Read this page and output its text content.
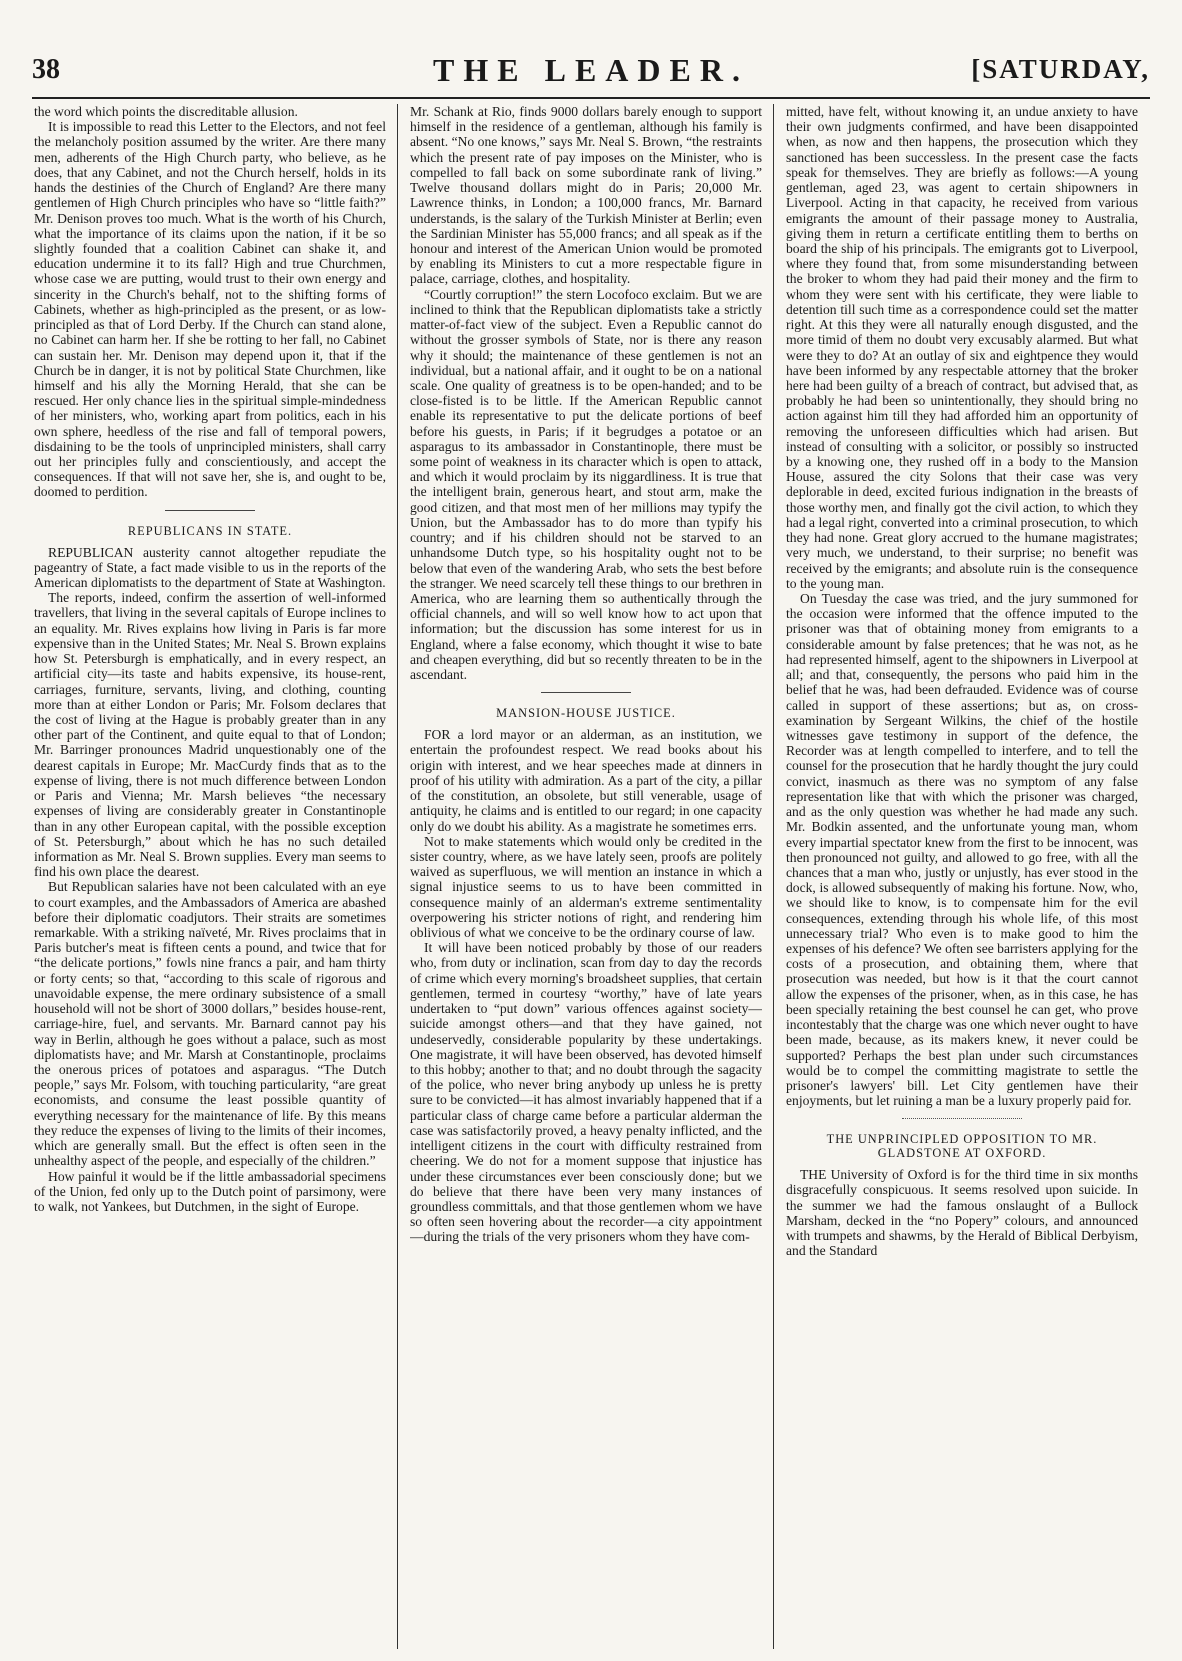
38	THE LEADER.	[SATURDAY,

the word which points the discreditable allusion.

It is impossible to read this Letter to the Electors, and not feel the melancholy position assumed by the writer. Are there many men, adherents of the High Church party, who believe, as he does, that any Cabinet, and not the Church herself, holds in its hands the destinies of the Church of England? Are there many gentlemen of High Church principles who have so “little faith?” Mr. Denison proves too much. What is the worth of his Church, what the importance of its claims upon the nation, if it be so slightly founded that a coalition Cabinet can shake it, and education undermine it to its fall? High and true Churchmen, whose case we are putting, would trust to their own energy and sincerity in the Church's behalf, not to the shifting forms of Cabinets, whether as high-principled as the present, or as low-principled as that of Lord Derby. If the Church can stand alone, no Cabinet can harm her. If she be rotting to her fall, no Cabinet can sustain her. Mr. Denison may depend upon it, that if the Church be in danger, it is not by political State Churchmen, like himself and his ally the Morning Herald, that she can be rescued. Her only chance lies in the spiritual simple-mindedness of her ministers, who, working apart from politics, each in his own sphere, heedless of the rise and fall of temporal powers, disdaining to be the tools of unprincipled ministers, shall carry out her principles fully and conscientiously, and accept the consequences. If that will not save her, she is, and ought to be, doomed to perdition.

REPUBLICANS IN STATE.

REPUBLICAN austerity cannot altogether repudiate the pageantry of State, a fact made visible to us in the reports of the American diplomatists to the department of State at Washington.

The reports, indeed, confirm the assertion of well-informed travellers, that living in the several capitals of Europe inclines to an equality. Mr. Rives explains how living in Paris is far more expensive than in the United States; Mr. Neal S. Brown explains how St. Petersburgh is emphatically, and in every respect, an artificial city—its taste and habits expensive, its house-rent, carriages, furniture, servants, living, and clothing, counting more than at either London or Paris; Mr. Folsom declares that the cost of living at the Hague is probably greater than in any other part of the Continent, and quite equal to that of London; Mr. Barringer pronounces Madrid unquestionably one of the dearest capitals in Europe; Mr. MacCurdy finds that as to the expense of living, there is not much difference between London or Paris and Vienna; Mr. Marsh believes “the necessary expenses of living are considerably greater in Constantinople than in any other European capital, with the possible exception of St. Petersburgh,” about which he has no such detailed information as Mr. Neal S. Brown supplies. Every man seems to find his own place the dearest.

But Republican salaries have not been calculated with an eye to court examples, and the Ambassadors of America are abashed before their diplomatic coadjutors. Their straits are sometimes remarkable. With a striking naïveté, Mr. Rives proclaims that in Paris butcher's meat is fifteen cents a pound, and twice that for “the delicate portions,” fowls nine francs a pair, and ham thirty or forty cents; so that, “according to this scale of rigorous and unavoidable expense, the mere ordinary subsistence of a small household will not be short of 3000 dollars,” besides house-rent, carriage-hire, fuel, and servants. Mr. Barnard cannot pay his way in Berlin, although he goes without a palace, such as most diplomatists have; and Mr. Marsh at Constantinople, proclaims the onerous prices of potatoes and asparagus. “The Dutch people,” says Mr. Folsom, with touching particularity, “are great economists, and consume the least possible quantity of everything necessary for the maintenance of life. By this means they reduce the expenses of living to the limits of their incomes, which are generally small. But the effect is often seen in the unhealthy aspect of the people, and especially of the children.”

How painful it would be if the little ambassadorial specimens of the Union, fed only up to the Dutch point of parsimony, were to walk, not Yankees, but Dutchmen, in the sight of Europe.

Mr. Schank at Rio, finds 9000 dollars barely enough to support himself in the residence of a gentleman, although his family is absent. “No one knows,” says Mr. Neal S. Brown, “the restraints which the present rate of pay imposes on the Minister, who is compelled to fall back on some subordinate rank of living.” Twelve thousand dollars might do in Paris; 20,000 Mr. Lawrence thinks, in London; a 100,000 francs, Mr. Barnard understands, is the salary of the Turkish Minister at Berlin; even the Sardinian Minister has 55,000 francs; and all speak as if the honour and interest of the American Union would be promoted by enabling its Ministers to cut a more respectable figure in palace, carriage, clothes, and hospitality.

“Courtly corruption!” the stern Locofoco exclaim. But we are inclined to think that the Republican diplomatists take a strictly matter-of-fact view of the subject. Even a Republic cannot do without the grosser symbols of State, nor is there any reason why it should; the maintenance of these gentlemen is not an individual, but a national affair, and it ought to be on a national scale. One quality of greatness is to be open-handed; and to be close-fisted is to be little. If the American Republic cannot enable its representative to put the delicate portions of beef before his guests, in Paris; if it begrudges a potatoe or an asparagus to its ambassador in Constantinople, there must be some point of weakness in its character which is open to attack, and which it would proclaim by its niggardliness. It is true that the intelligent brain, generous heart, and stout arm, make the good citizen, and that most men of her millions may typify the Union, but the Ambassador has to do more than typify his country; and if his children should not be starved to an unhandsome Dutch type, so his hospitality ought not to be below that even of the wandering Arab, who sets the best before the stranger. We need scarcely tell these things to our brethren in America, who are learning them so authentically through the official channels, and will so well know how to act upon that information; but the discussion has some interest for us in England, where a false economy, which thought it wise to bate and cheapen everything, did but so recently threaten to be in the ascendant.

MANSION-HOUSE JUSTICE.

FOR a lord mayor or an alderman, as an institution, we entertain the profoundest respect. We read books about his origin with interest, and we hear speeches made at dinners in proof of his utility with admiration. As a part of the city, a pillar of the constitution, an obsolete, but still venerable, usage of antiquity, he claims and is entitled to our regard; in one capacity only do we doubt his ability. As a magistrate he sometimes errs.

Not to make statements which would only be credited in the sister country, where, as we have lately seen, proofs are politely waived as superfluous, we will mention an instance in which a signal injustice seems to us to have been committed in consequence mainly of an alderman's extreme sentimentality overpowering his stricter notions of right, and rendering him oblivious of what we conceive to be the ordinary course of law.

It will have been noticed probably by those of our readers who, from duty or inclination, scan from day to day the records of crime which every morning's broadsheet supplies, that certain gentlemen, termed in courtesy “worthy,” have of late years undertaken to “put down” various offences against society—suicide amongst others—and that they have gained, not undeservedly, considerable popularity by these undertakings. One magistrate, it will have been observed, has devoted himself to this hobby; another to that; and no doubt through the sagacity of the police, who never bring anybody up unless he is pretty sure to be convicted—it has almost invariably happened that if a particular class of charge came before a particular alderman the case was satisfactorily proved, a heavy penalty inflicted, and the intelligent citizens in the court with difficulty restrained from cheering. We do not for a moment suppose that injustice has under these circumstances ever been consciously done; but we do believe that there have been very many instances of groundless committals, and that those gentlemen whom we have so often seen hovering about the recorder—a city appointment—during the trials of the very prisoners whom they have com-

mitted, have felt, without knowing it, an undue anxiety to have their own judgments confirmed, and have been disappointed when, as now and then happens, the prosecution which they sanctioned has been successless. In the present case the facts speak for themselves. They are briefly as follows:—A young gentleman, aged 23, was agent to certain shipowners in Liverpool. Acting in that capacity, he received from various emigrants the amount of their passage money to Australia, giving them in return a certificate entitling them to berths on board the ship of his principals. The emigrants got to Liverpool, where they found that, from some misunderstanding between the broker to whom they had paid their money and the firm to whom they were sent with his certificate, they were liable to detention till such time as a correspondence could set the matter right. At this they were all naturally enough disgusted, and the more timid of them no doubt very excusably alarmed. But what were they to do? At an outlay of six and eightpence they would have been informed by any respectable attorney that the broker here had been guilty of a breach of contract, but advised that, as probably he had been so unintentionally, they should bring no action against him till they had afforded him an opportunity of removing the unforeseen difficulties which had arisen. But instead of consulting with a solicitor, or possibly so instructed by a knowing one, they rushed off in a body to the Mansion House, assured the city Solons that their case was very deplorable in deed, excited furious indignation in the breasts of those worthy men, and finally got the civil action, to which they had a legal right, converted into a criminal prosecution, to which they had none. Great glory accrued to the humane magistrates; very much, we understand, to their surprise; no benefit was received by the emigrants; and absolute ruin is the consequence to the young man.

On Tuesday the case was tried, and the jury summoned for the occasion were informed that the offence imputed to the prisoner was that of obtaining money from emigrants to a considerable amount by false pretences; that he was not, as he had represented himself, agent to the shipowners in Liverpool at all; and that, consequently, the persons who paid him in the belief that he was, had been defrauded. Evidence was of course called in support of these assertions; but as, on cross-examination by Sergeant Wilkins, the chief of the hostile witnesses gave testimony in support of the defence, the Recorder was at length compelled to interfere, and to tell the counsel for the prosecution that he hardly thought the jury could convict, inasmuch as there was no symptom of any false representation like that with which the prisoner was charged, and as the only question was whether he had made any such. Mr. Bodkin assented, and the unfortunate young man, whom every impartial spectator knew from the first to be innocent, was then pronounced not guilty, and allowed to go free, with all the chances that a man who, justly or unjustly, has ever stood in the dock, is allowed subsequently of making his fortune. Now, who, we should like to know, is to compensate him for the evil consequences, extending through his whole life, of this most unnecessary trial? Who even is to make good to him the expenses of his defence? We often see barristers applying for the costs of a prosecution, and obtaining them, where that prosecution was needed, but how is it that the court cannot allow the expenses of the prisoner, when, as in this case, he has been specially retaining the best counsel he can get, who prove incontestably that the charge was one which never ought to have been made, because, as its makers knew, it never could be supported? Perhaps the best plan under such circumstances would be to compel the committing magistrate to settle the prisoner's lawyers' bill. Let City gentlemen have their enjoyments, but let ruining a man be a luxury properly paid for.

THE UNPRINCIPLED OPPOSITION TO MR. GLADSTONE AT OXFORD.

THE University of Oxford is for the third time in six months disgracefully conspicuous. It seems resolved upon suicide. In the summer we had the famous onslaught of a Bullock Marsham, decked in the “no Popery” colours, and announced with trumpets and shawms, by the Herald of Biblical Derbyism, and the Standard
